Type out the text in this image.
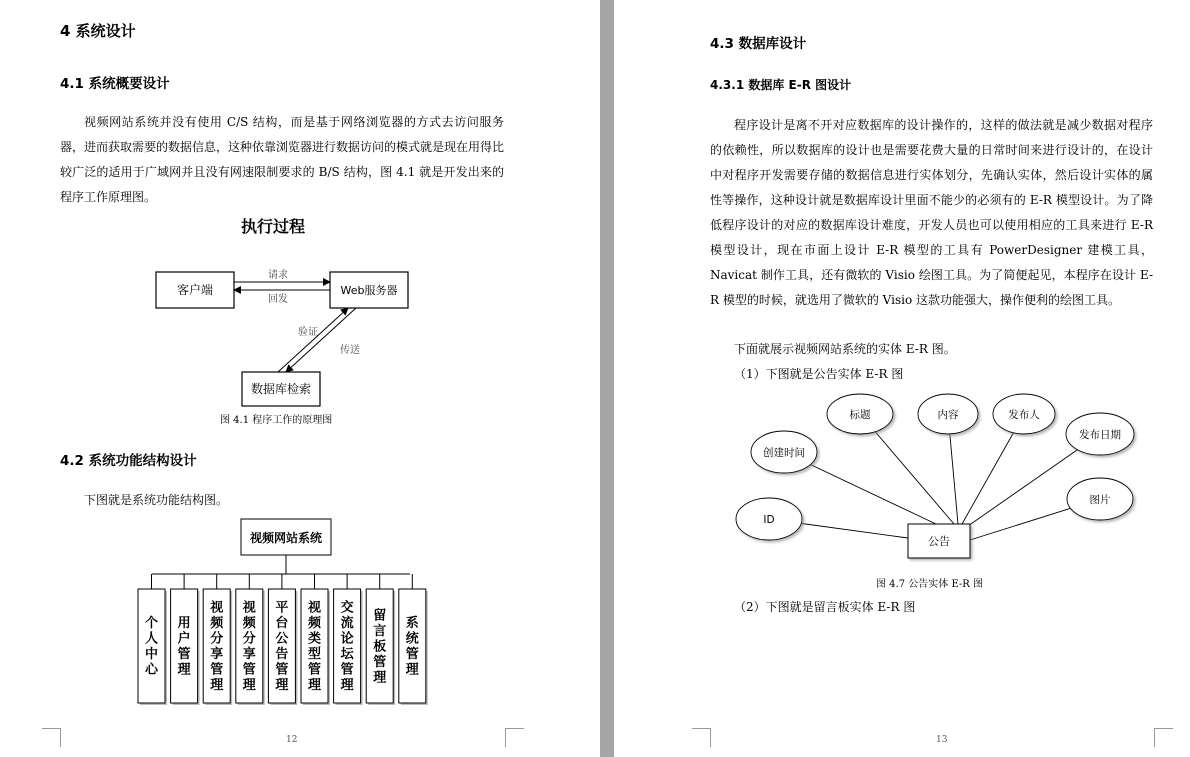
4 系统设计
4.1 系统概要设计

视频网站系统并没有使用 C/S 结构，而是基于网络浏览器的方式去访问服务器，进而获取需要的数据信息，这种依靠浏览器进行数据访问的模式就是现在用得比较广泛的适用于广域网并且没有网速限制要求的 B/S 结构，图 4.1 就是开发出来的程序工作原理图。

执行过程
客户端	Web服务器
数据库检索
请求
回发
验证
传送
图 4.1 程序工作的原理图
4.2 系统功能结构设计
下图就是系统功能结构图。
视频网站系统
个人中心
用户管理
视频分享管理
视频分享管理
平台公告管理
视频类型管理
交流论坛管理
留言板管理
系统管理
12
4.3 数据库设计
4.3.1 数据库 E-R 图设计

程序设计是离不开对应数据库的设计操作的，这样的做法就是减少数据对程序的依赖性，所以数据库的设计也是需要花费大量的日常时间来进行设计的，在设计中对程序开发需要存储的数据信息进行实体划分，先确认实体，然后设计实体的属性等操作，这种设计就是数据库设计里面不能少的必须有的 E-R 模型设计。为了降低程序设计的对应的数据库设计难度，开发人员也可以使用相应的工具来进行 E-R 模型设计，现在市面上设计 E-R 模型的工具有 PowerDesigner 建模工具，Navicat 制作工具，还有微软的 Visio 绘图工具。为了简便起见，本程序在设计 E-R 模型的时候，就选用了微软的 Visio 这款功能强大，操作便利的绘图工具。

下面就展示视频网站系统的实体 E-R 图。
（1）下图就是公告实体 E-R 图
标题	内容	发布人
发布日期
创建时间
ID
图片
公告
图 4.7 公告实体 E-R 图
（2）下图就是留言板实体 E-R 图
13
